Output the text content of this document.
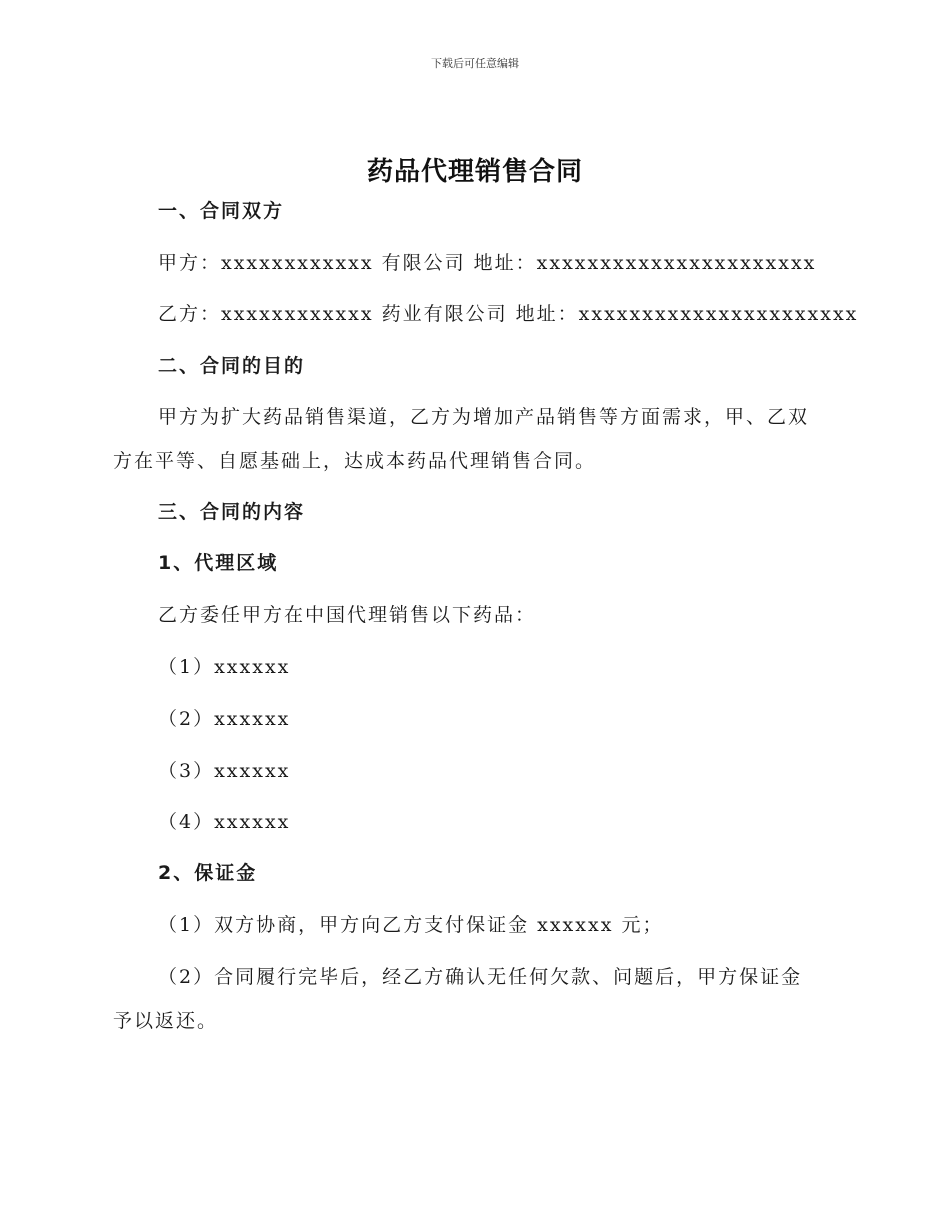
下载后可任意编辑
药品代理销售合同
一、合同双方
甲方：xxxxxxxxxxxx 有限公司 地址：xxxxxxxxxxxxxxxxxxxxxx
乙方：xxxxxxxxxxxx 药业有限公司 地址：xxxxxxxxxxxxxxxxxxxxxx
二、合同的目的
甲方为扩大药品销售渠道，乙方为增加产品销售等方面需求，甲、乙双
方在平等、自愿基础上，达成本药品代理销售合同。
三、合同的内容
1、代理区域
乙方委任甲方在中国代理销售以下药品：
（1）xxxxxx
（2）xxxxxx
（3）xxxxxx
（4）xxxxxx
2、保证金
（1）双方协商，甲方向乙方支付保证金 xxxxxx 元；
（2）合同履行完毕后，经乙方确认无任何欠款、问题后，甲方保证金
予以返还。
